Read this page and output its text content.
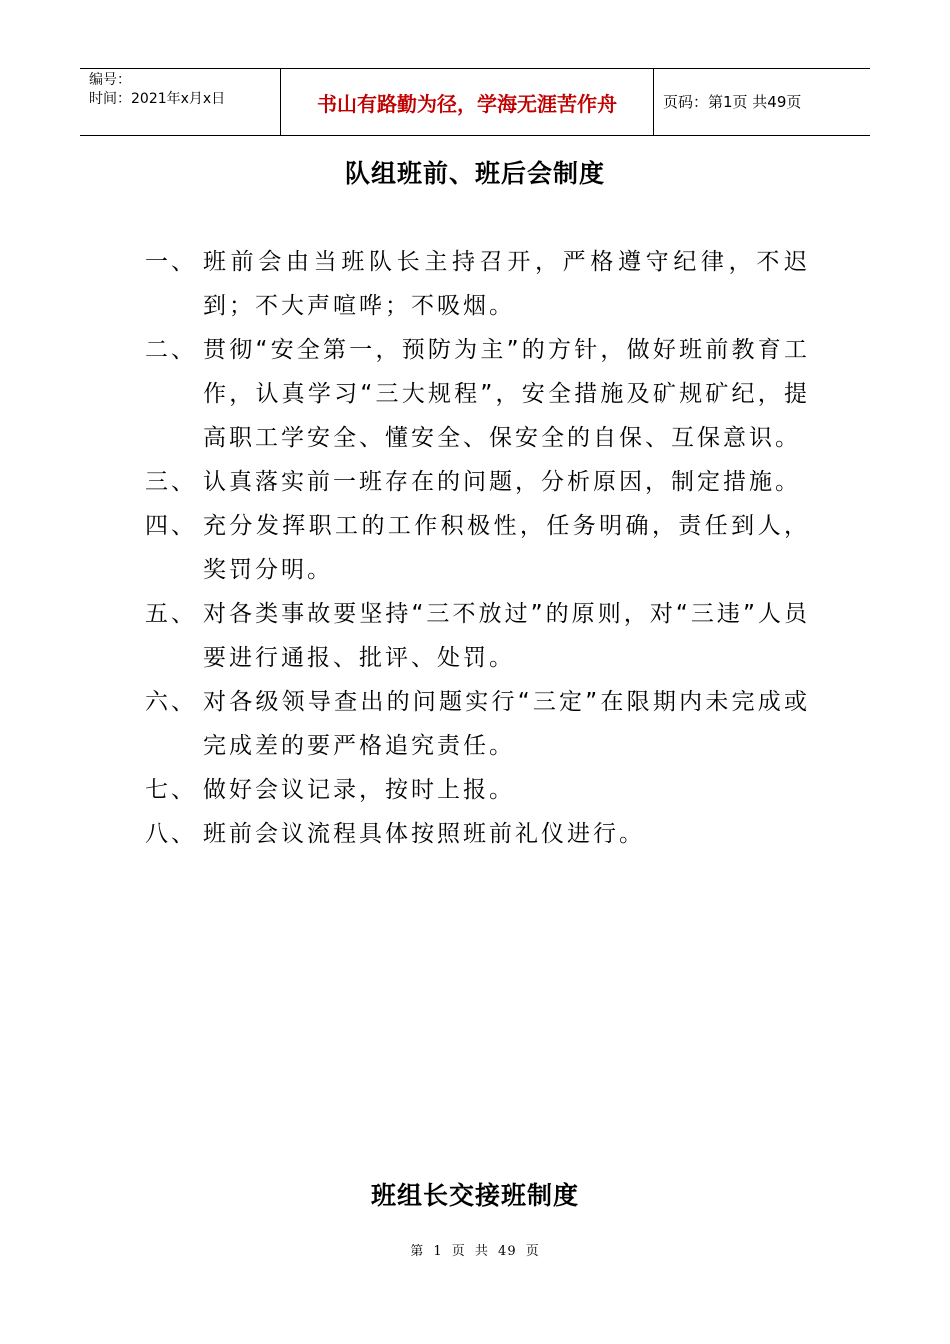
编号：
时间：2021年x月x日	书山有路勤为径，学海无涯苦作舟	页码：第1页 共49页
队组班前、班后会制度
一、 班前会由当班队长主持召开，严格遵守纪律，不迟到；不大声喧哗；不吸烟。
二、 贯彻“安全第一，预防为主”的方针，做好班前教育工作，认真学习“三大规程”，安全措施及矿规矿纪，提高职工学安全、懂安全、保安全的自保、互保意识。
三、 认真落实前一班存在的问题，分析原因，制定措施。
四、 充分发挥职工的工作积极性，任务明确，责任到人，奖罚分明。
五、 对各类事故要坚持“三不放过”的原则，对“三违”人员要进行通报、批评、处罚。
六、 对各级领导查出的问题实行“三定”在限期内未完成或完成差的要严格追究责任。
七、 做好会议记录，按时上报。
八、 班前会议流程具体按照班前礼仪进行。
班组长交接班制度
第 1 页 共 49 页
